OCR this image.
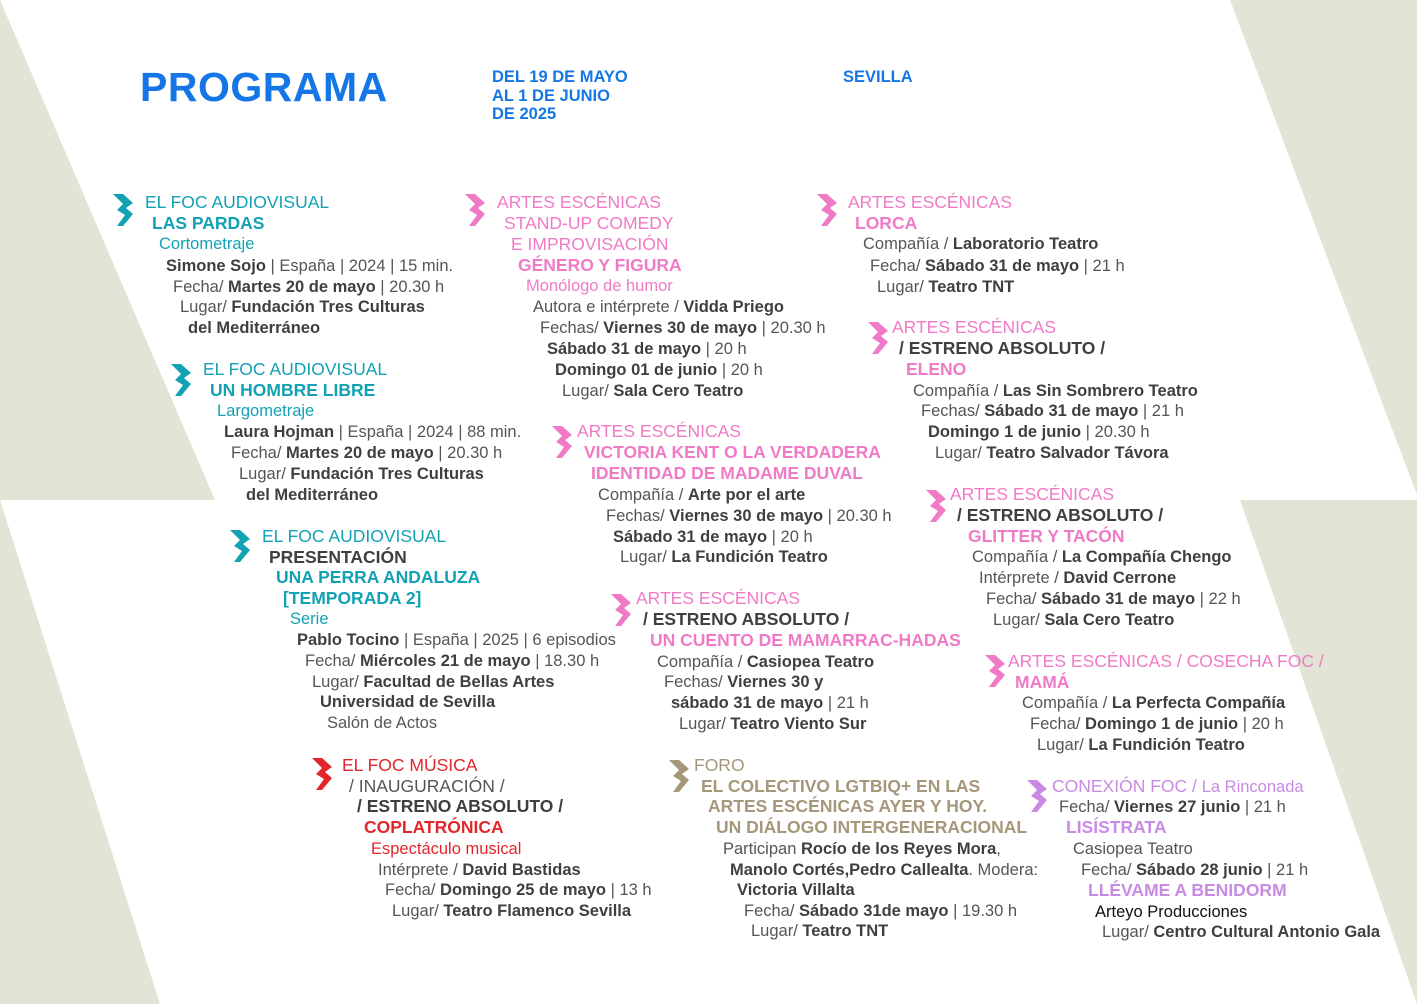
PROGRAMA	DEL 19 DE MAYO
AL 1 DE JUNIO
DE 2025
SEVILLA
EL FOC AUDIOVISUAL
LAS PARDAS
Cortometraje
Simone Sojo | España | 2024 | 15 min.
Fecha/ Martes 20 de mayo | 20.30 h
Lugar/ Fundación Tres Culturas
del Mediterráneo
EL FOC AUDIOVISUAL
UN HOMBRE LIBRE
Largometraje
Laura Hojman | España | 2024 | 88 min.
Fecha/ Martes 20 de mayo | 20.30 h
Lugar/ Fundación Tres Culturas
del Mediterráneo
EL FOC AUDIOVISUAL
PRESENTACIÓN
UNA PERRA ANDALUZA
[TEMPORADA 2]
Serie
Pablo Tocino | España | 2025 | 6 episodios
Fecha/ Miércoles 21 de mayo | 18.30 h
Lugar/ Facultad de Bellas Artes
Universidad de Sevilla
Salón de Actos
EL FOC MÚSICA
/ INAUGURACIÓN /
/ ESTRENO ABSOLUTO /
COPLATRÓNICA
Espectáculo musical
Intérprete / David Bastidas
Fecha/ Domingo 25 de mayo | 13 h
Lugar/ Teatro Flamenco Sevilla
ARTES ESCÉNICAS
STAND-UP COMEDY
E IMPROVISACIÓN
GÉNERO Y FIGURA
Monólogo de humor
Autora e intérprete / Vidda Priego
Fechas/ Viernes 30 de mayo | 20.30 h
Sábado 31 de mayo | 20 h
Domingo 01 de junio | 20 h
Lugar/ Sala Cero Teatro
ARTES ESCÉNICAS
VICTORIA KENT O LA VERDADERA
IDENTIDAD DE MADAME DUVAL
Compañía / Arte por el arte
Fechas/ Viernes 30 de mayo | 20.30 h
Sábado 31 de mayo | 20 h
Lugar/ La Fundición Teatro
ARTES ESCÉNICAS
/ ESTRENO ABSOLUTO /
UN CUENTO DE MAMARRAC-HADAS
Compañía / Casiopea Teatro
Fechas/ Viernes 30 y
sábado 31 de mayo | 21 h
Lugar/ Teatro Viento Sur
FORO
EL COLECTIVO LGTBIQ+ EN LAS
ARTES ESCÉNICAS AYER Y HOY.
UN DIÁLOGO INTERGENERACIONAL
Participan Rocío de los Reyes Mora,
Manolo Cortés,Pedro Callealta. Modera:
Victoria Villalta
Fecha/ Sábado 31de mayo | 19.30 h
Lugar/ Teatro TNT
ARTES ESCÉNICAS
LORCA
Compañía / Laboratorio Teatro
Fecha/ Sábado 31 de mayo | 21 h
Lugar/ Teatro TNT
ARTES ESCÉNICAS
/ ESTRENO ABSOLUTO /
ELENO
Compañía / Las Sin Sombrero Teatro
Fechas/ Sábado 31 de mayo | 21 h
Domingo 1 de junio | 20.30 h
Lugar/ Teatro Salvador Távora
ARTES ESCÉNICAS
/ ESTRENO ABSOLUTO /
GLITTER Y TACÓN
Compañía / La Compañía Chengo
Intérprete / David Cerrone
Fecha/ Sábado 31 de mayo | 22 h
Lugar/ Sala Cero Teatro
ARTES ESCÉNICAS / COSECHA FOC /
MAMÁ
Compañía / La Perfecta Compañía
Fecha/ Domingo 1 de junio | 20 h
Lugar/ La Fundición Teatro
CONEXIÓN FOC / La Rinconada
Fecha/ Viernes 27 junio | 21 h
LISÍSTRATA
Casiopea Teatro
Fecha/ Sábado 28 junio | 21 h
LLÉVAME A BENIDORM
Arteyo Producciones
Lugar/ Centro Cultural Antonio Gala
